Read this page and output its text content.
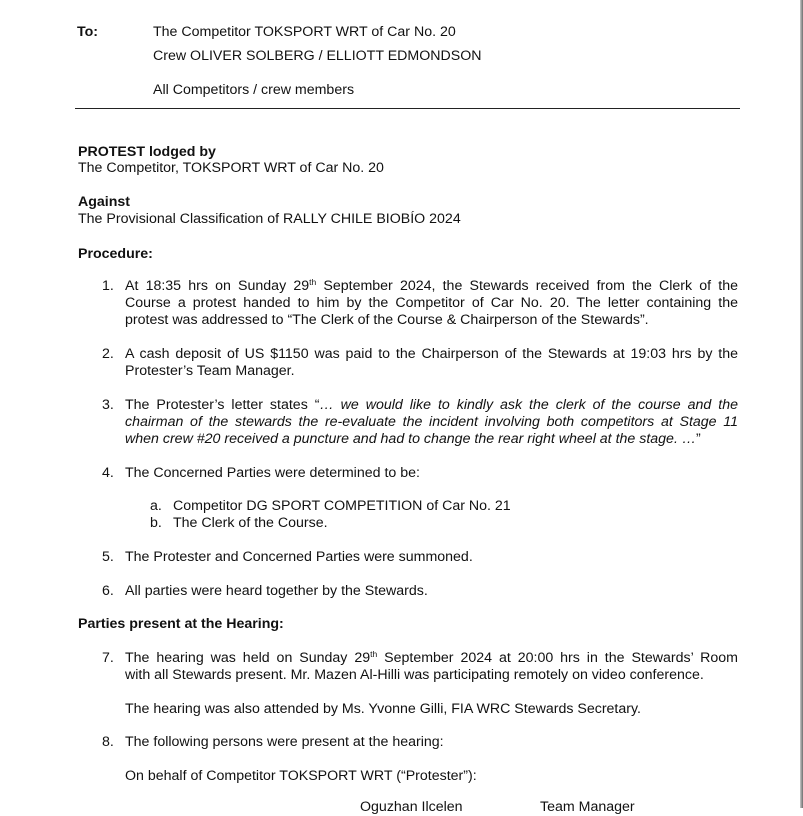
To:	The Competitor TOKSPORT WRT of Car No. 20
Crew OLIVER SOLBERG / ELLIOTT EDMONDSON
All Competitors / crew members
PROTEST lodged by
The Competitor, TOKSPORT WRT of Car No. 20
Against
The Provisional Classification of RALLY CHILE BIOBÍO 2024
Procedure:
1. At 18:35 hrs on Sunday 29th September 2024, the Stewards received from the Clerk of the
Course a protest handed to him by the Competitor of Car No. 20. The letter containing the
protest was addressed to “The Clerk of the Course & Chairperson of the Stewards”.
2. A cash deposit of US $1150 was paid to the Chairperson of the Stewards at 19:03 hrs by the
Protester’s Team Manager.
3. The Protester’s letter states “… we would like to kindly ask the clerk of the course and the
chairman of the stewards the re-evaluate the incident involving both competitors at Stage 11
when crew #20 received a puncture and had to change the rear right wheel at the stage. …”
4. The Concerned Parties were determined to be:
a. Competitor DG SPORT COMPETITION of Car No. 21
b. The Clerk of the Course.
5. The Protester and Concerned Parties were summoned.
6. All parties were heard together by the Stewards.
Parties present at the Hearing:
7. The hearing was held on Sunday 29th September 2024 at 20:00 hrs in the Stewards’ Room
with all Stewards present. Mr. Mazen Al-Hilli was participating remotely on video conference.
The hearing was also attended by Ms. Yvonne Gilli, FIA WRC Stewards Secretary.
8. The following persons were present at the hearing:
On behalf of Competitor TOKSPORT WRT (“Protester”):
Oguzhan Ilcelen	Team Manager
